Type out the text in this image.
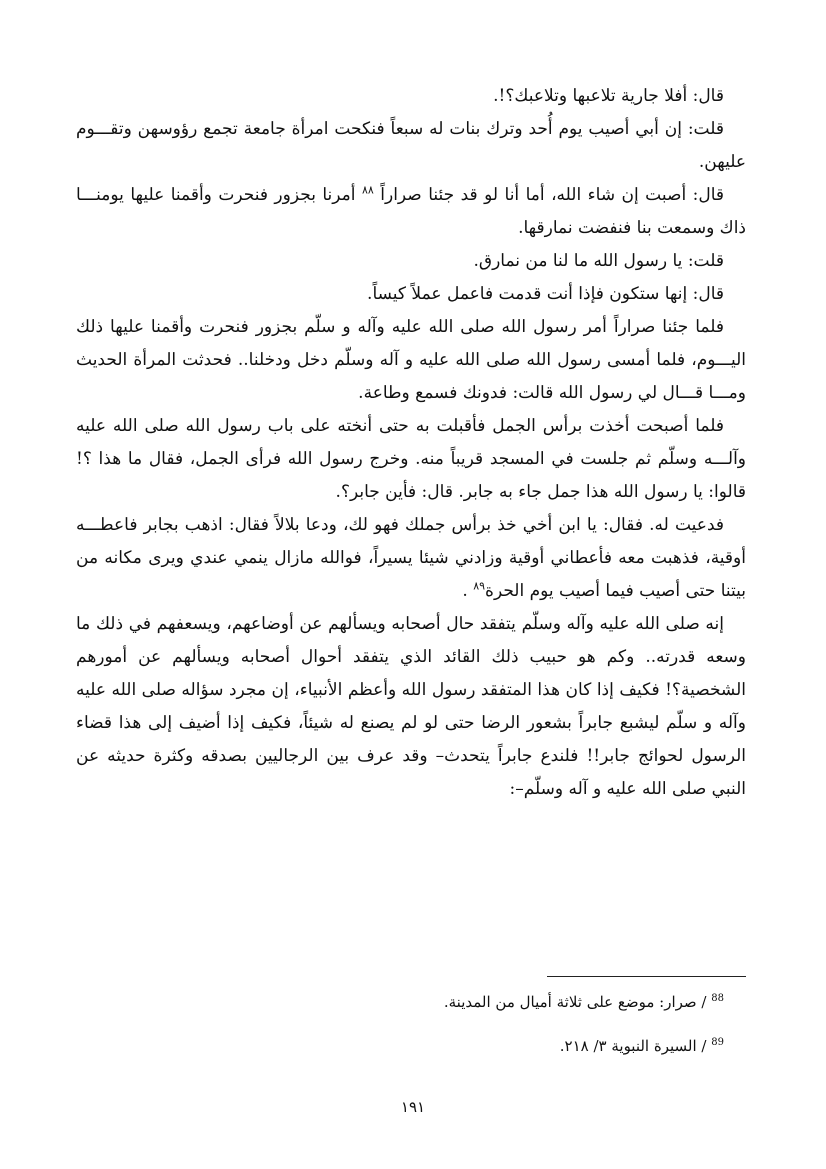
قال: أفلا جارية تلاعبها وتلاعبك؟!.

قلت: إن أبي أصيب يوم أُحد وترك بنات له سبعاً فنكحت امرأة جامعة تجمع رؤوسهن وتقـــوم عليهن.

قال: أصبت إن شاء الله، أما أنا لو قد جئنا صراراً $^{٨٨}$ أمرنا بجزور فنحرت وأقمنا عليها يومنـــا ذاك وسمعت بنا فنفضت نمارقها.

قلت: يا رسول الله ما لنا من نمارق.

قال: إنها ستكون فإذا أنت قدمت فاعمل عملاً كيساً.

فلما جئنا صراراً أمر رسول الله صلى الله عليه وآله و سلّم بجزور فنحرت وأقمنا عليها ذلك اليـــوم، فلما أمسى رسول الله صلى الله عليه و آله وسلّم دخل ودخلنا.. فحدثت المرأة الحديث ومـــا قـــال لي رسول الله قالت: فدونك فسمع وطاعة.

فلما أصبحت أخذت برأس الجمل فأقبلت به حتى أنخته على باب رسول الله صلى الله عليه وآلـــه وسلّم ثم جلست في المسجد قريباً منه. وخرج رسول الله فرأى الجمل، فقال ما هذا ؟! قالوا: يا رسول الله هذا جمل جاء به جابر. قال: فأين جابر؟.

فدعيت له. فقال: يا ابن أخي خذ برأس جملك فهو لك، ودعا بلالاً فقال: اذهب بجابر فاعطـــه أوقية، فذهبت معه فأعطاني أوقية وزادني شيئا يسيراً، فوالله مازال ينمي عندي ويرى مكانه من بيتنا حتى أصيب فيما أصيب يوم الحرة$^{٨٩}$ .

إنه صلى الله عليه وآله وسلّم يتفقد حال أصحابه ويسألهم عن أوضاعهم، ويسعفهم في ذلك ما وسعه قدرته.. وكم هو حبيب ذلك القائد الذي يتفقد أحوال أصحابه ويسألهم عن أمورهم الشخصية؟! فكيف إذا كان هذا المتفقد رسول الله وأعظم الأنبياء، إن مجرد سؤاله صلى الله عليه وآله و سلّم ليشبع جابراً بشعور الرضا حتى لو لم يصنع له شيئاً، فكيف إذا أضيف إلى هذا قضاء الرسول لحوائج جابر!! فلندع جابراً يتحدث– وقد عرف بين الرجاليين بصدقه وكثرة حديثه عن النبي صلى الله عليه و آله وسلّم–:

$^{88}$ / صرار: موضع على ثلاثة أميال من المدينة.

$^{89}$ / السيرة النبوية ٣/ ٢١٨.

١٩١
